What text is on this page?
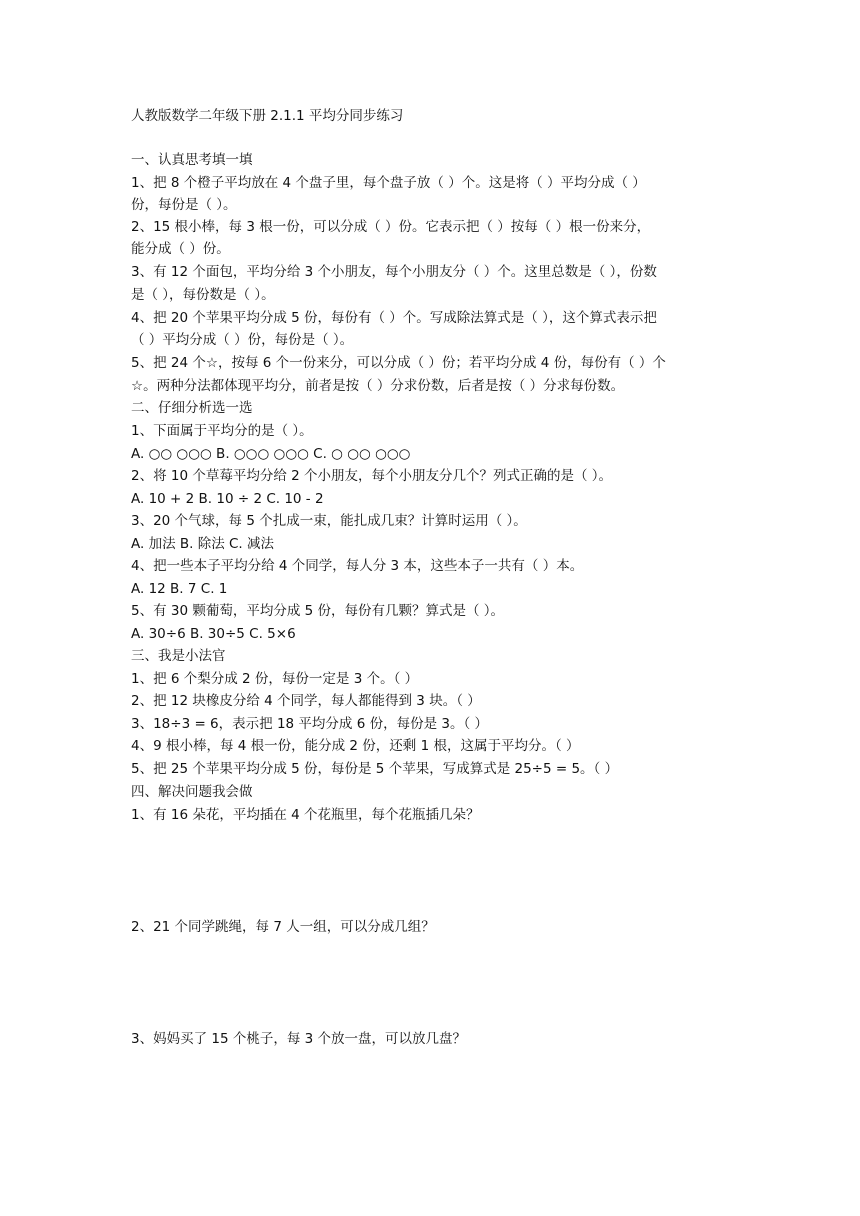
人教版数学二年级下册 2.1.1 平均分同步练习
一、认真思考填一填
1、把 8 个橙子平均放在 4 个盘子里，每个盘子放（ ）个。这是将（ ）平均分成（ ）
份，每份是（ ）。
2、15 根小棒，每 3 根一份，可以分成（ ）份。它表示把（ ）按每（ ）根一份来分，
能分成（ ）份。
3、有 12 个面包，平均分给 3 个小朋友，每个小朋友分（ ）个。这里总数是（ ），份数
是（ ），每份数是（ ）。
4、把 20 个苹果平均分成 5 份，每份有（ ）个。写成除法算式是（ ），这个算式表示把
（ ）平均分成（ ）份，每份是（ ）。
5、把 24 个☆，按每 6 个一份来分，可以分成（ ）份；若平均分成 4 份，每份有（ ）个
☆。两种分法都体现平均分，前者是按（ ）分求份数，后者是按（ ）分求每份数。
二、仔细分析选一选
1、下面属于平均分的是（ ）。
A. ○○ ○○○ B. ○○○ ○○○ C. ○ ○○ ○○○
2、将 10 个草莓平均分给 2 个小朋友，每个小朋友分几个？列式正确的是（ ）。
A. 10 + 2 B. 10 ÷ 2 C. 10 - 2
3、20 个气球，每 5 个扎成一束，能扎成几束？计算时运用（ ）。
A. 加法 B. 除法 C. 减法
4、把一些本子平均分给 4 个同学，每人分 3 本，这些本子一共有（ ）本。
A. 12 B. 7 C. 1
5、有 30 颗葡萄，平均分成 5 份，每份有几颗？算式是（ ）。
A. 30÷6 B. 30÷5 C. 5×6
三、我是小法官
1、把 6 个梨分成 2 份，每份一定是 3 个。（ ）
2、把 12 块橡皮分给 4 个同学，每人都能得到 3 块。（ ）
3、18÷3 = 6，表示把 18 平均分成 6 份，每份是 3。（ ）
4、9 根小棒，每 4 根一份，能分成 2 份，还剩 1 根，这属于平均分。（ ）
5、把 25 个苹果平均分成 5 份，每份是 5 个苹果，写成算式是 25÷5 = 5。（ ）
四、解决问题我会做
1、有 16 朵花，平均插在 4 个花瓶里，每个花瓶插几朵？
2、21 个同学跳绳，每 7 人一组，可以分成几组？
3、妈妈买了 15 个桃子，每 3 个放一盘，可以放几盘？
